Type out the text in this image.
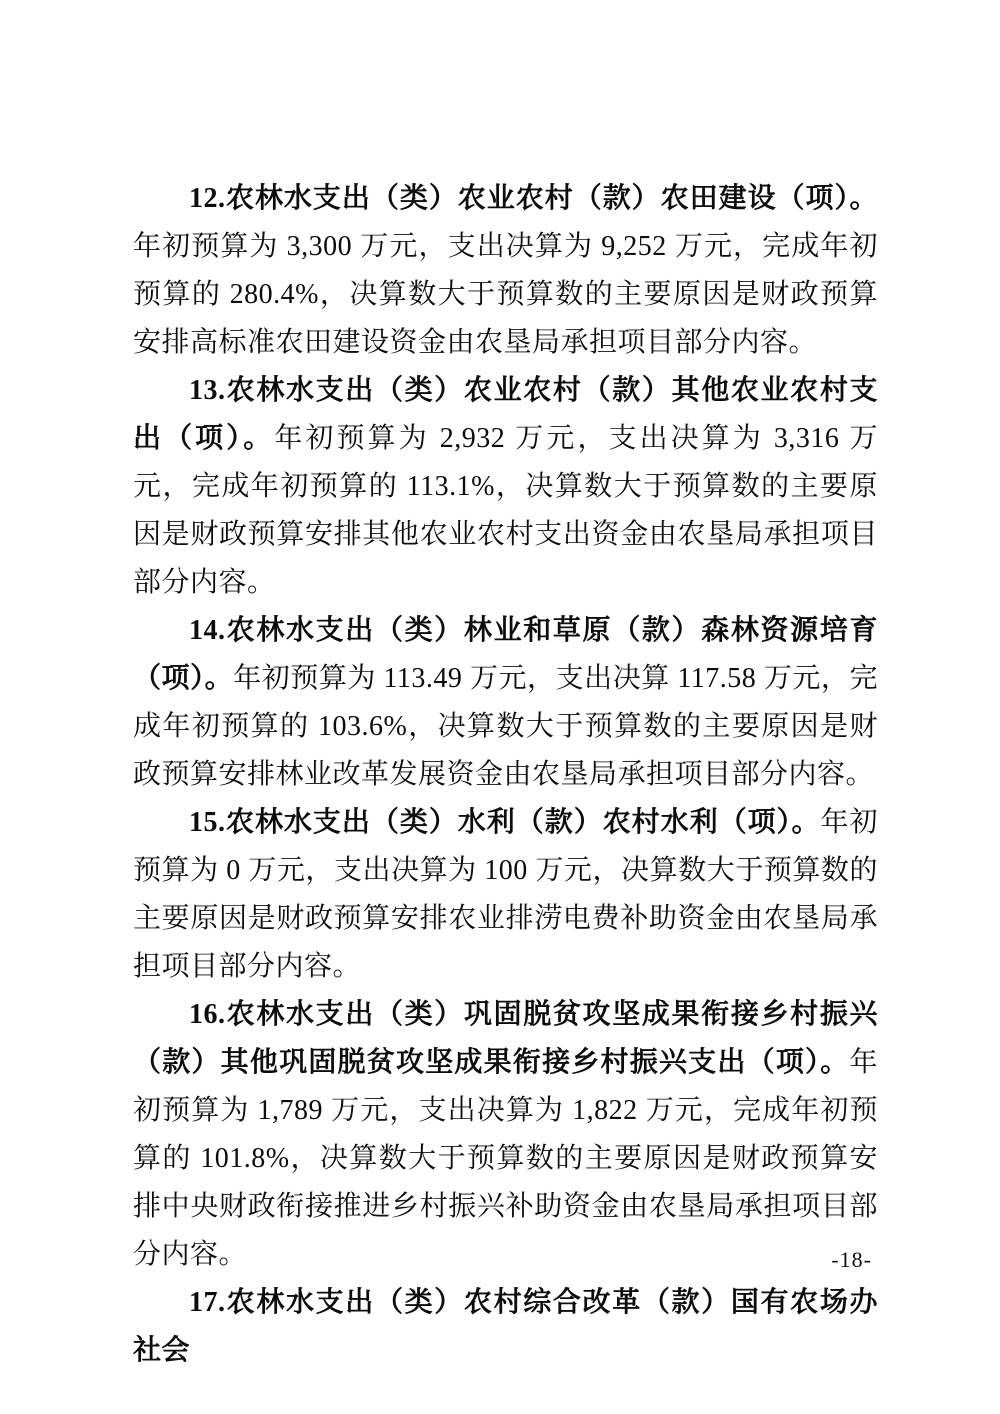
12.农林水支出（类）农业农村（款）农田建设（项）。年初预算为 3,300 万元，支出决算为 9,252 万元，完成年初预算的 280.4%，决算数大于预算数的主要原因是财政预算安排高标准农田建设资金由农垦局承担项目部分内容。

13.农林水支出（类）农业农村（款）其他农业农村支出（项）。年初预算为 2,932 万元，支出决算为 3,316 万元，完成年初预算的 113.1%，决算数大于预算数的主要原因是财政预算安排其他农业农村支出资金由农垦局承担项目部分内容。

14.农林水支出（类）林业和草原（款）森林资源培育（项）。年初预算为 113.49 万元，支出决算 117.58 万元，完成年初预算的 103.6%，决算数大于预算数的主要原因是财政预算安排林业改革发展资金由农垦局承担项目部分内容。

15.农林水支出（类）水利（款）农村水利（项）。年初预算为 0 万元，支出决算为 100 万元，决算数大于预算数的主要原因是财政预算安排农业排涝电费补助资金由农垦局承担项目部分内容。

16.农林水支出（类）巩固脱贫攻坚成果衔接乡村振兴（款）其他巩固脱贫攻坚成果衔接乡村振兴支出（项）。年初预算为 1,789 万元，支出决算为 1,822 万元，完成年初预算的 101.8%，决算数大于预算数的主要原因是财政预算安排中央财政衔接推进乡村振兴补助资金由农垦局承担项目部分内容。

17.农林水支出（类）农村综合改革（款）国有农场办社会

-18-
